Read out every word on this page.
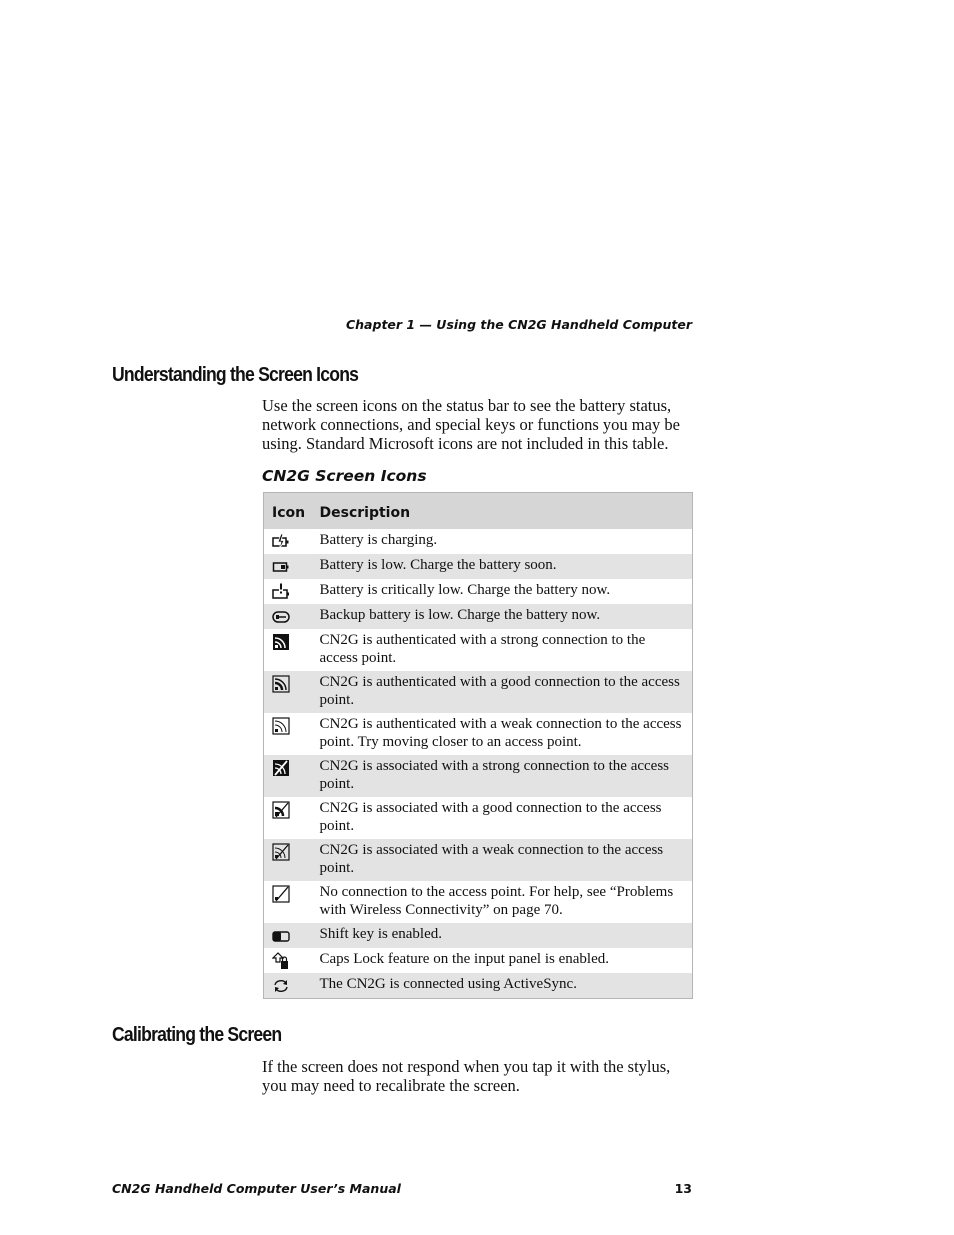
Chapter 1 — Using the CN2G Handheld Computer
Understanding the Screen Icons

Use the screen icons on the status bar to see the battery status, network connections, and special keys or functions you may be using. Standard Microsoft icons are not included in this table.

CN2G Screen Icons

Icon	Description

	Battery is charging.

	Battery is low. Charge the battery soon.

	Battery is critically low. Charge the battery now.

	Backup battery is low. Charge the battery now.

	CN2G is authenticated with a strong connection to the access point.

	CN2G is authenticated with a good connection to the access point.

	CN2G is authenticated with a weak connection to the access point. Try moving closer to an access point.

	CN2G is associated with a strong connection to the access point.

	CN2G is associated with a good connection to the access point.

	CN2G is associated with a weak connection to the access point.

	No connection to the access point. For help, see “Problems with Wireless Connectivity” on page 70.

	Shift key is enabled.

	Caps Lock feature on the input panel is enabled.

	The CN2G is connected using ActiveSync.
Calibrating the Screen

If the screen does not respond when you tap it with the stylus, you may need to recalibrate the screen.

CN2G Handheld Computer User’s Manual	13
